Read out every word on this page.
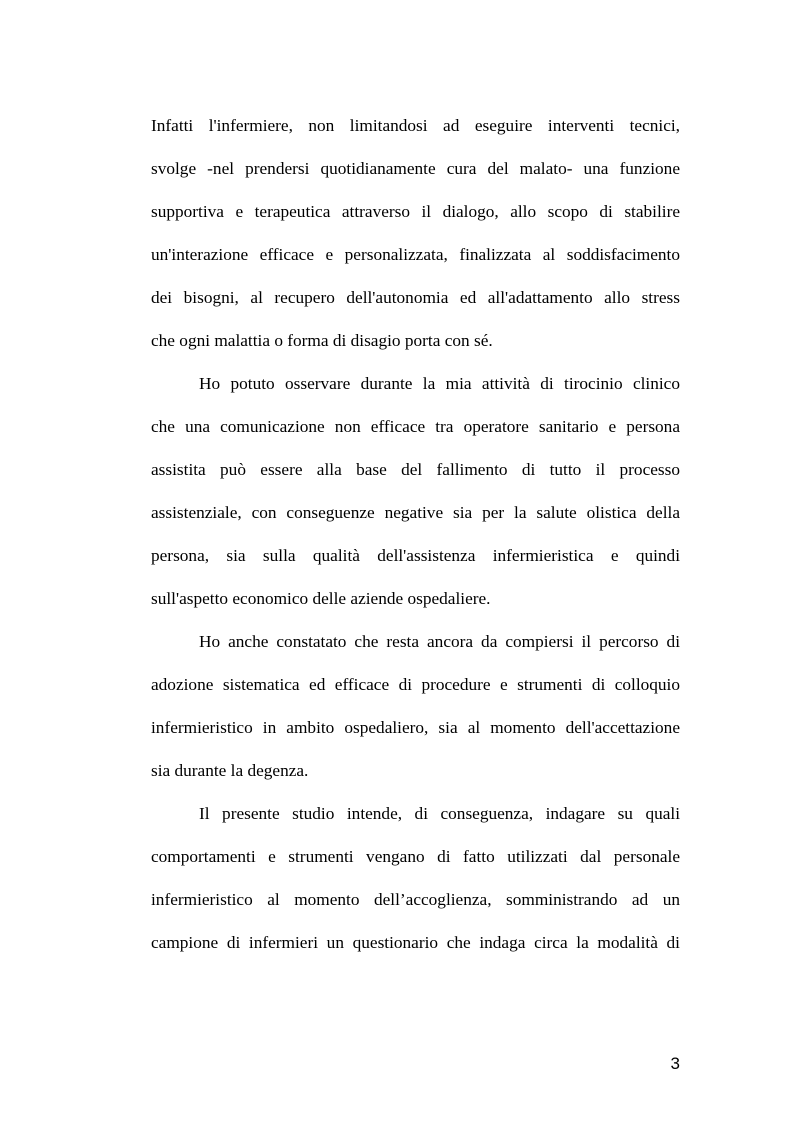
Infatti l'infermiere, non limitandosi ad eseguire interventi tecnici,
svolge -nel prendersi quotidianamente cura del malato- una funzione
supportiva e terapeutica attraverso il dialogo, allo scopo di stabilire
un'interazione efficace e personalizzata, finalizzata al soddisfacimento
dei bisogni, al recupero dell'autonomia ed all'adattamento allo stress
che ogni malattia o forma di disagio porta con sé.
Ho potuto osservare durante la mia attività di tirocinio clinico
che una comunicazione non efficace tra operatore sanitario e persona
assistita può essere alla base del fallimento di tutto il processo
assistenziale, con conseguenze negative sia per la salute olistica della
persona, sia sulla qualità dell'assistenza infermieristica e quindi
sull'aspetto economico delle aziende ospedaliere.
Ho anche constatato che resta ancora da compiersi il percorso di
adozione sistematica ed efficace di procedure e strumenti di colloquio
infermieristico in ambito ospedaliero, sia al momento dell'accettazione
sia durante la degenza.
Il presente studio intende, di conseguenza, indagare su quali
comportamenti e strumenti vengano di fatto utilizzati dal personale
infermieristico al momento dell’accoglienza, somministrando ad un
campione di infermieri un questionario che indaga circa la modalità di
3
